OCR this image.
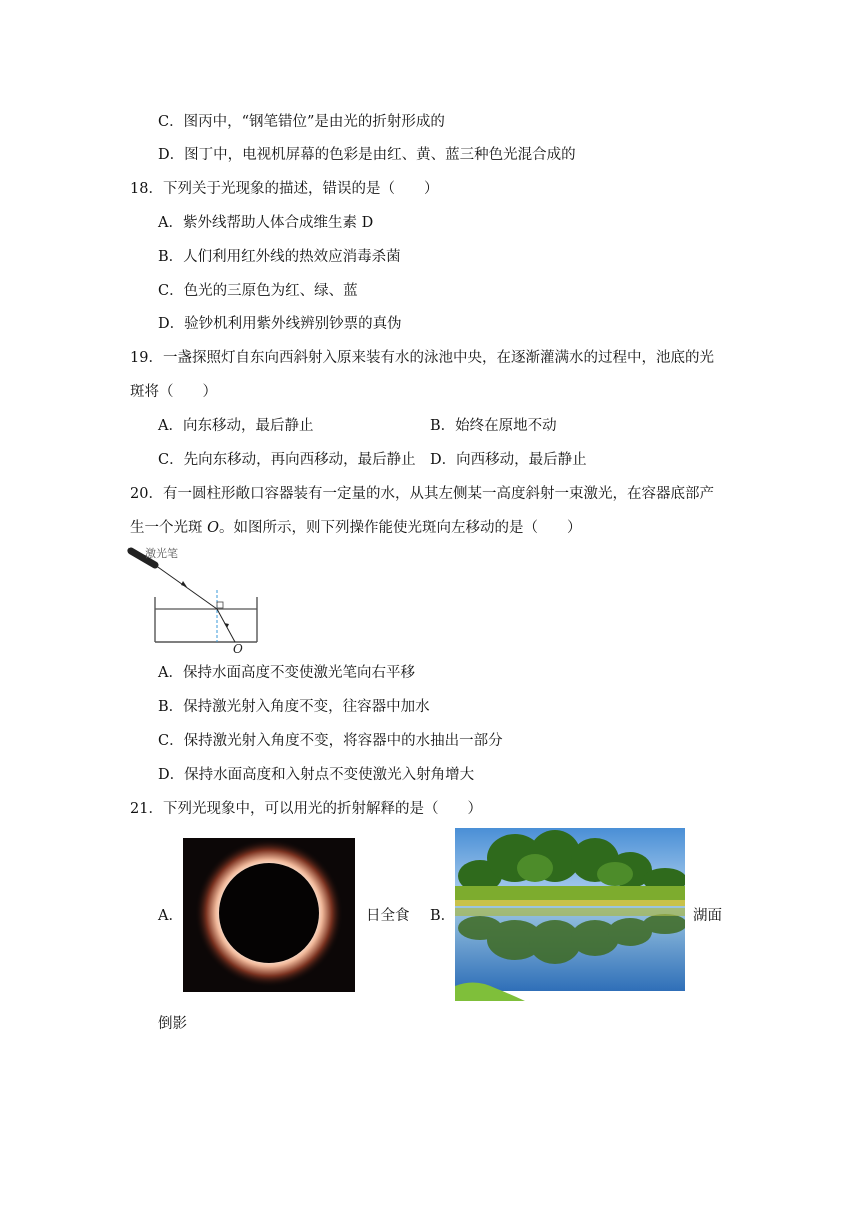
C．图丙中，“钢笔错位”是由光的折射形成的
D．图丁中，电视机屏幕的色彩是由红、黄、蓝三种色光混合成的
18．下列关于光现象的描述，错误的是（　　）
A．紫外线帮助人体合成维生素 D
B．人们利用红外线的热效应消毒杀菌
C．色光的三原色为红、绿、蓝
D．验钞机利用紫外线辨别钞票的真伪
19．一盏探照灯自东向西斜射入原来装有水的泳池中央，在逐渐灌满水的过程中，池底的光
斑将（　　）
A．向东移动，最后静止	B．始终在原地不动
C．先向东移动，再向西移动，最后静止 D．向西移动，最后静止
20．有一圆柱形敞口容器装有一定量的水，从其左侧某一高度斜射一束激光，在容器底部产
生一个光斑 O。如图所示，则下列操作能使光斑向左移动的是（　　）
激光笔
O
A．保持水面高度不变使激光笔向右平移
B．保持激光射入角度不变，往容器中加水
C．保持激光射入角度不变，将容器中的水抽出一部分
D．保持水面高度和入射点不变使激光入射角增大
21．下列光现象中，可以用光的折射解释的是（　　）
A．	日全食 B．	湖面
倒影
